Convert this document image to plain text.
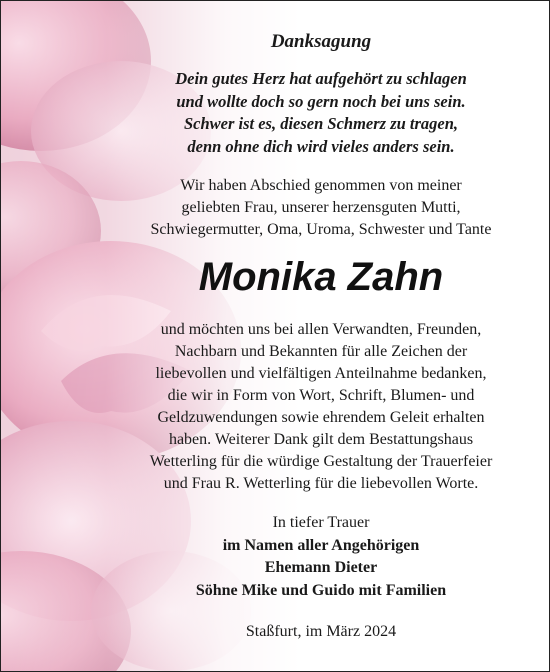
Danksagung
Dein gutes Herz hat aufgehört zu schlagen
und wollte doch so gern noch bei uns sein.
Schwer ist es, diesen Schmerz zu tragen,
denn ohne dich wird vieles anders sein.
Wir haben Abschied genommen von meiner
geliebten Frau, unserer herzensguten Mutti,
Schwiegermutter, Oma, Uroma, Schwester und Tante
Monika Zahn
und möchten uns bei allen Verwandten, Freunden,
Nachbarn und Bekannten für alle Zeichen der
liebevollen und vielfältigen Anteilnahme bedanken,
die wir in Form von Wort, Schrift, Blumen- und
Geldzuwendungen sowie ehrendem Geleit erhalten
haben. Weiterer Dank gilt dem Bestattungshaus
Wetterling für die würdige Gestaltung der Trauerfeier
und Frau R. Wetterling für die liebevollen Worte.
In tiefer Trauer
im Namen aller Angehörigen
Ehemann Dieter
Söhne Mike und Guido mit Familien
Staßfurt, im März 2024
